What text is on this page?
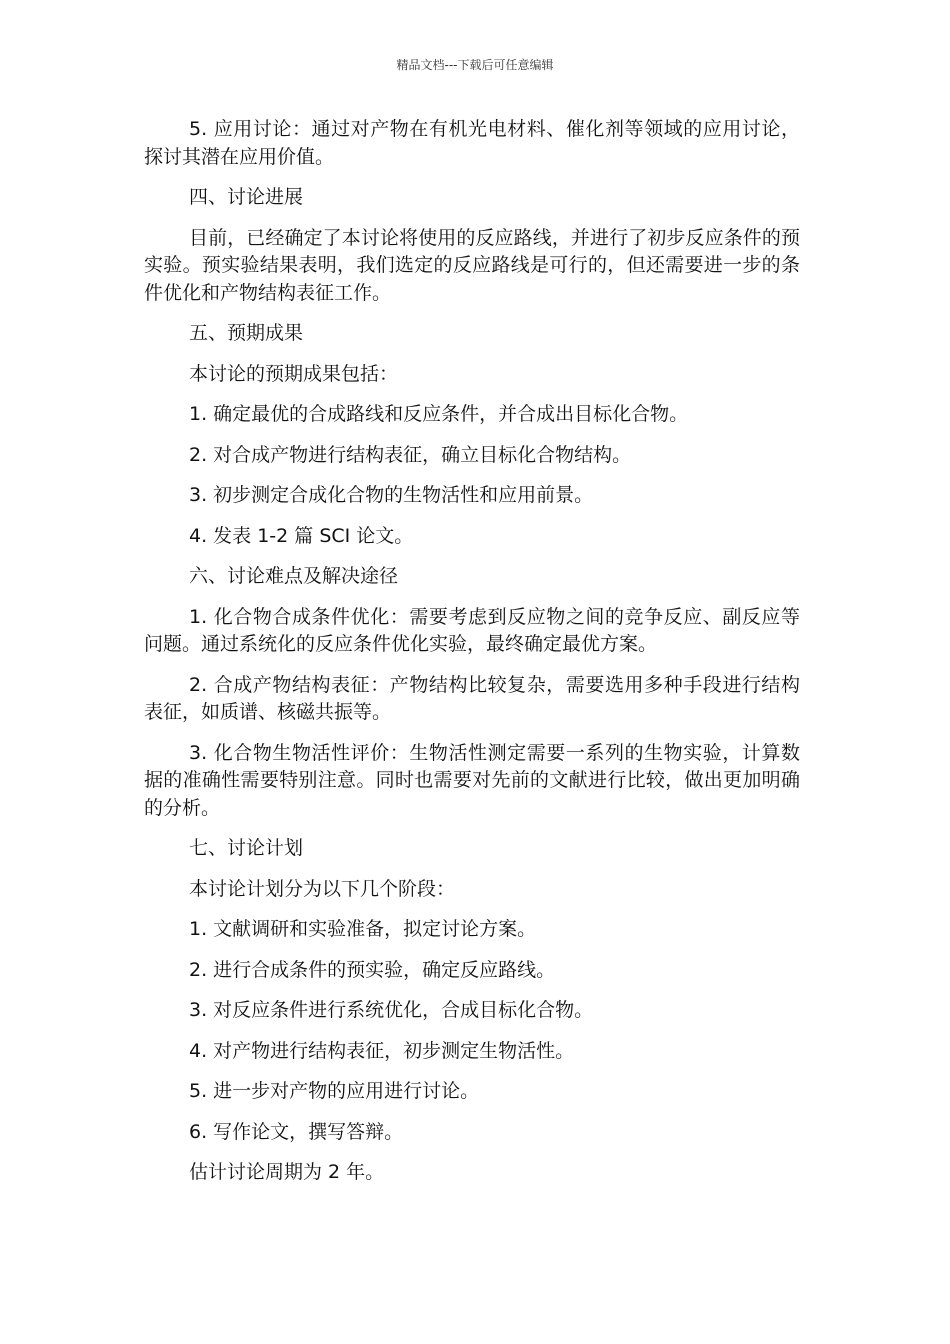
精品文档---下载后可任意编辑

5. 应用讨论：通过对产物在有机光电材料、催化剂等领域的应用讨论，探讨其潜在应用价值。

四、讨论进展

目前，已经确定了本讨论将使用的反应路线，并进行了初步反应条件的预实验。预实验结果表明，我们选定的反应路线是可行的，但还需要进一步的条件优化和产物结构表征工作。

五、预期成果

本讨论的预期成果包括：

1. 确定最优的合成路线和反应条件，并合成出目标化合物。

2. 对合成产物进行结构表征，确立目标化合物结构。

3. 初步测定合成化合物的生物活性和应用前景。

4. 发表 1-2 篇 SCI 论文。

六、讨论难点及解决途径

1. 化合物合成条件优化：需要考虑到反应物之间的竞争反应、副反应等问题。通过系统化的反应条件优化实验，最终确定最优方案。

2. 合成产物结构表征：产物结构比较复杂，需要选用多种手段进行结构表征，如质谱、核磁共振等。

3. 化合物生物活性评价：生物活性测定需要一系列的生物实验，计算数据的准确性需要特别注意。同时也需要对先前的文献进行比较，做出更加明确的分析。

七、讨论计划

本讨论计划分为以下几个阶段：

1. 文献调研和实验准备，拟定讨论方案。

2. 进行合成条件的预实验，确定反应路线。

3. 对反应条件进行系统优化，合成目标化合物。

4. 对产物进行结构表征，初步测定生物活性。

5. 进一步对产物的应用进行讨论。

6. 写作论文，撰写答辩。

估计讨论周期为 2 年。
